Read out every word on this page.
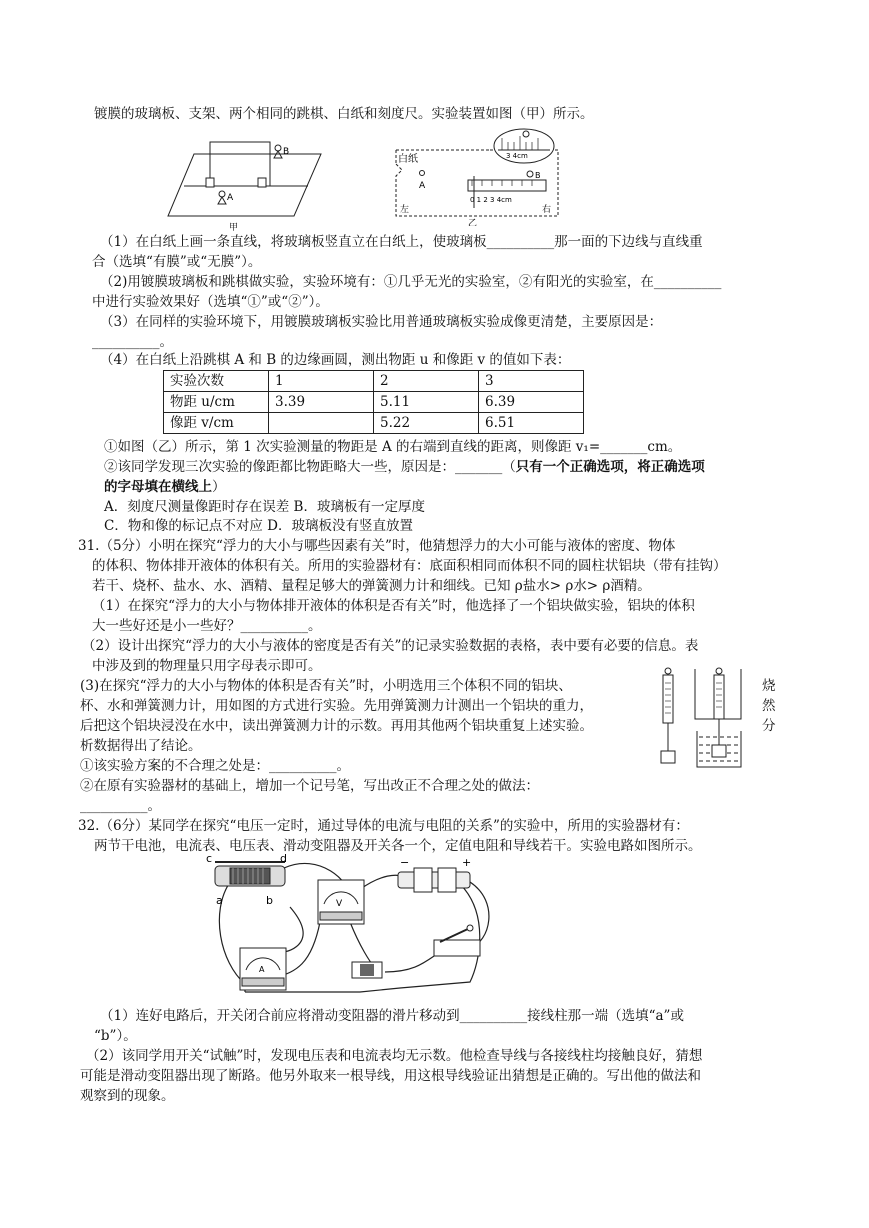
镀膜的玻璃板、支架、两个相同的跳棋、白纸和刻度尺。实验装置如图（甲）所示。
B
A
甲
白纸
A
0 1 2 3 4cm
B
3 4cm
左	右
乙
（1）在白纸上画一条直线，将玻璃板竖直立在白纸上，使玻璃板__________那一面的下边线与直线重
合（选填“有膜”或“无膜”）。
（2)用镀膜玻璃板和跳棋做实验，实验环境有：①几乎无光的实验室，②有阳光的实验室，在__________
中进行实验效果好（选填“①”或“②”）。
（3）在同样的实验环境下，用镀膜玻璃板实验比用普通玻璃板实验成像更清楚，主要原因是：
__________。
（4）在白纸上沿跳棋 A 和 B 的边缘画圆，测出物距 u 和像距 v 的值如下表：
实验次数	1	2	3
物距 u/cm	3.39	5.11	6.39
像距 v/cm		5.22	6.51
①如图（乙）所示，第 1 次实验测量的物距是 A 的右端到直线的距离，则像距 v₁=_______cm。
②该同学发现三次实验的像距都比物距略大一些，原因是：_______（只有一个正确选项，将正确选项
的字母填在横线上）
A．刻度尺测量像距时存在误差 B．玻璃板有一定厚度
C．物和像的标记点不对应 D．玻璃板没有竖直放置
31.（5分）小明在探究“浮力的大小与哪些因素有关”时，他猜想浮力的大小可能与液体的密度、物体
的体积、物体排开液体的体积有关。所用的实验器材有：底面积相同而体积不同的圆柱状铝块（带有挂钩）
若干、烧杯、盐水、水、酒精、量程足够大的弹簧测力计和细线。已知 ρ盐水> ρ水> ρ酒精。
（1）在探究“浮力的大小与物体排开液体的体积是否有关”时，他选择了一个铝块做实验，铝块的体积
大一些好还是小一些好？__________。
（2）设计出探究“浮力的大小与液体的密度是否有关”的记录实验数据的表格，表中要有必要的信息。表
中涉及到的物理量只用字母表示即可。
(3)在探究“浮力的大小与物体的体积是否有关”时，小明选用三个体积不同的铝块、
杯、水和弹簧测力计，用如图的方式进行实验。先用弹簧测力计测出一个铝块的重力，
后把这个铝块浸没在水中，读出弹簧测力计的示数。再用其他两个铝块重复上述实验。
析数据得出了结论。
烧
然
分
①该实验方案的不合理之处是：__________。
②在原有实验器材的基础上，增加一个记号笔，写出改正不合理之处的做法：
__________。
32.（6分）某同学在探究“电压一定时，通过导体的电流与电阻的关系”的实验中，所用的实验器材有：
两节干电池，电流表、电压表、滑动变阻器及开关各一个，定值电阻和导线若干。实验电路如图所示。
c	d
a	b	V
A
−	+
（1）连好电路后，开关闭合前应将滑动变阻器的滑片移动到__________接线柱那一端（选填“a”或
“b”）。
（2）该同学用开关“试触”时，发现电压表和电流表均无示数。他检查导线与各接线柱均接触良好，猜想
可能是滑动变阻器出现了断路。他另外取来一根导线，用这根导线验证出猜想是正确的。写出他的做法和
观察到的现象。
